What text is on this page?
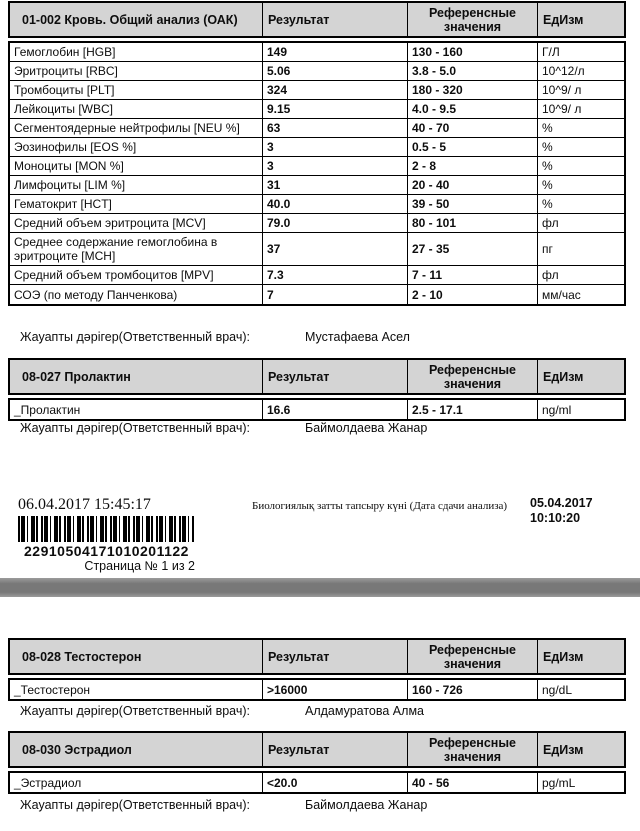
01-002 Кровь. Общий анализ (ОАК)	Результат	Референсные значения	ЕдИзм
Гемоглобин [HGB]	149	130 - 160	Г/Л
Эритроциты [RBC]	5.06	3.8 - 5.0	10^12/л
Тромбоциты [PLT]	324	180 - 320	10^9/ л
Лейкоциты [WBC]	9.15	4.0 - 9.5	10^9/ л
Сегментоядерные нейтрофилы [NEU %]	63	40 - 70	%
Эозинофилы [EOS %]	3	0.5 - 5	%
Моноциты [MON %]	3	2 - 8	%
Лимфоциты [LIM %]	31	20 - 40	%
Гематокрит [HCT]	40.0	39 - 50	%
Средний объем эритроцита [MCV]	79.0	80 - 101	фл
Среднее содержание гемоглобина в эритроците [MCH]	37	27 - 35	пг
Средний объем тромбоцитов [MPV]	7.3	7 - 11	фл
СОЭ (по методу Панченкова)	7	2 - 10	мм/час
Жауапты дәрігер(Ответственный врач):	Мустафаева Асел
08-027 Пролактин	Результат	Референсные значения	ЕдИзм
_Пролактин	16.6	2.5 - 17.1	ng/ml
Жауапты дәрігер(Ответственный врач):	Баймолдаева Жанар
06.04.2017 15:45:17
22910504171010201122
Страница № 1 из 2
Биологиялық затты тапсыру күні (Дата сдачи анализа) 05.04.2017
10:10:20
08-028 Тестостерон	Результат	Референсные значения	ЕдИзм
_Тестостерон	>16000	160 - 726	ng/dL
Жауапты дәрігер(Ответственный врач):	Алдамуратова Алма
08-030 Эстрадиол	Результат	Референсные значения	ЕдИзм
_Эстрадиол	<20.0	40 - 56	pg/mL
Жауапты дәрігер(Ответственный врач):	Баймолдаева Жанар
